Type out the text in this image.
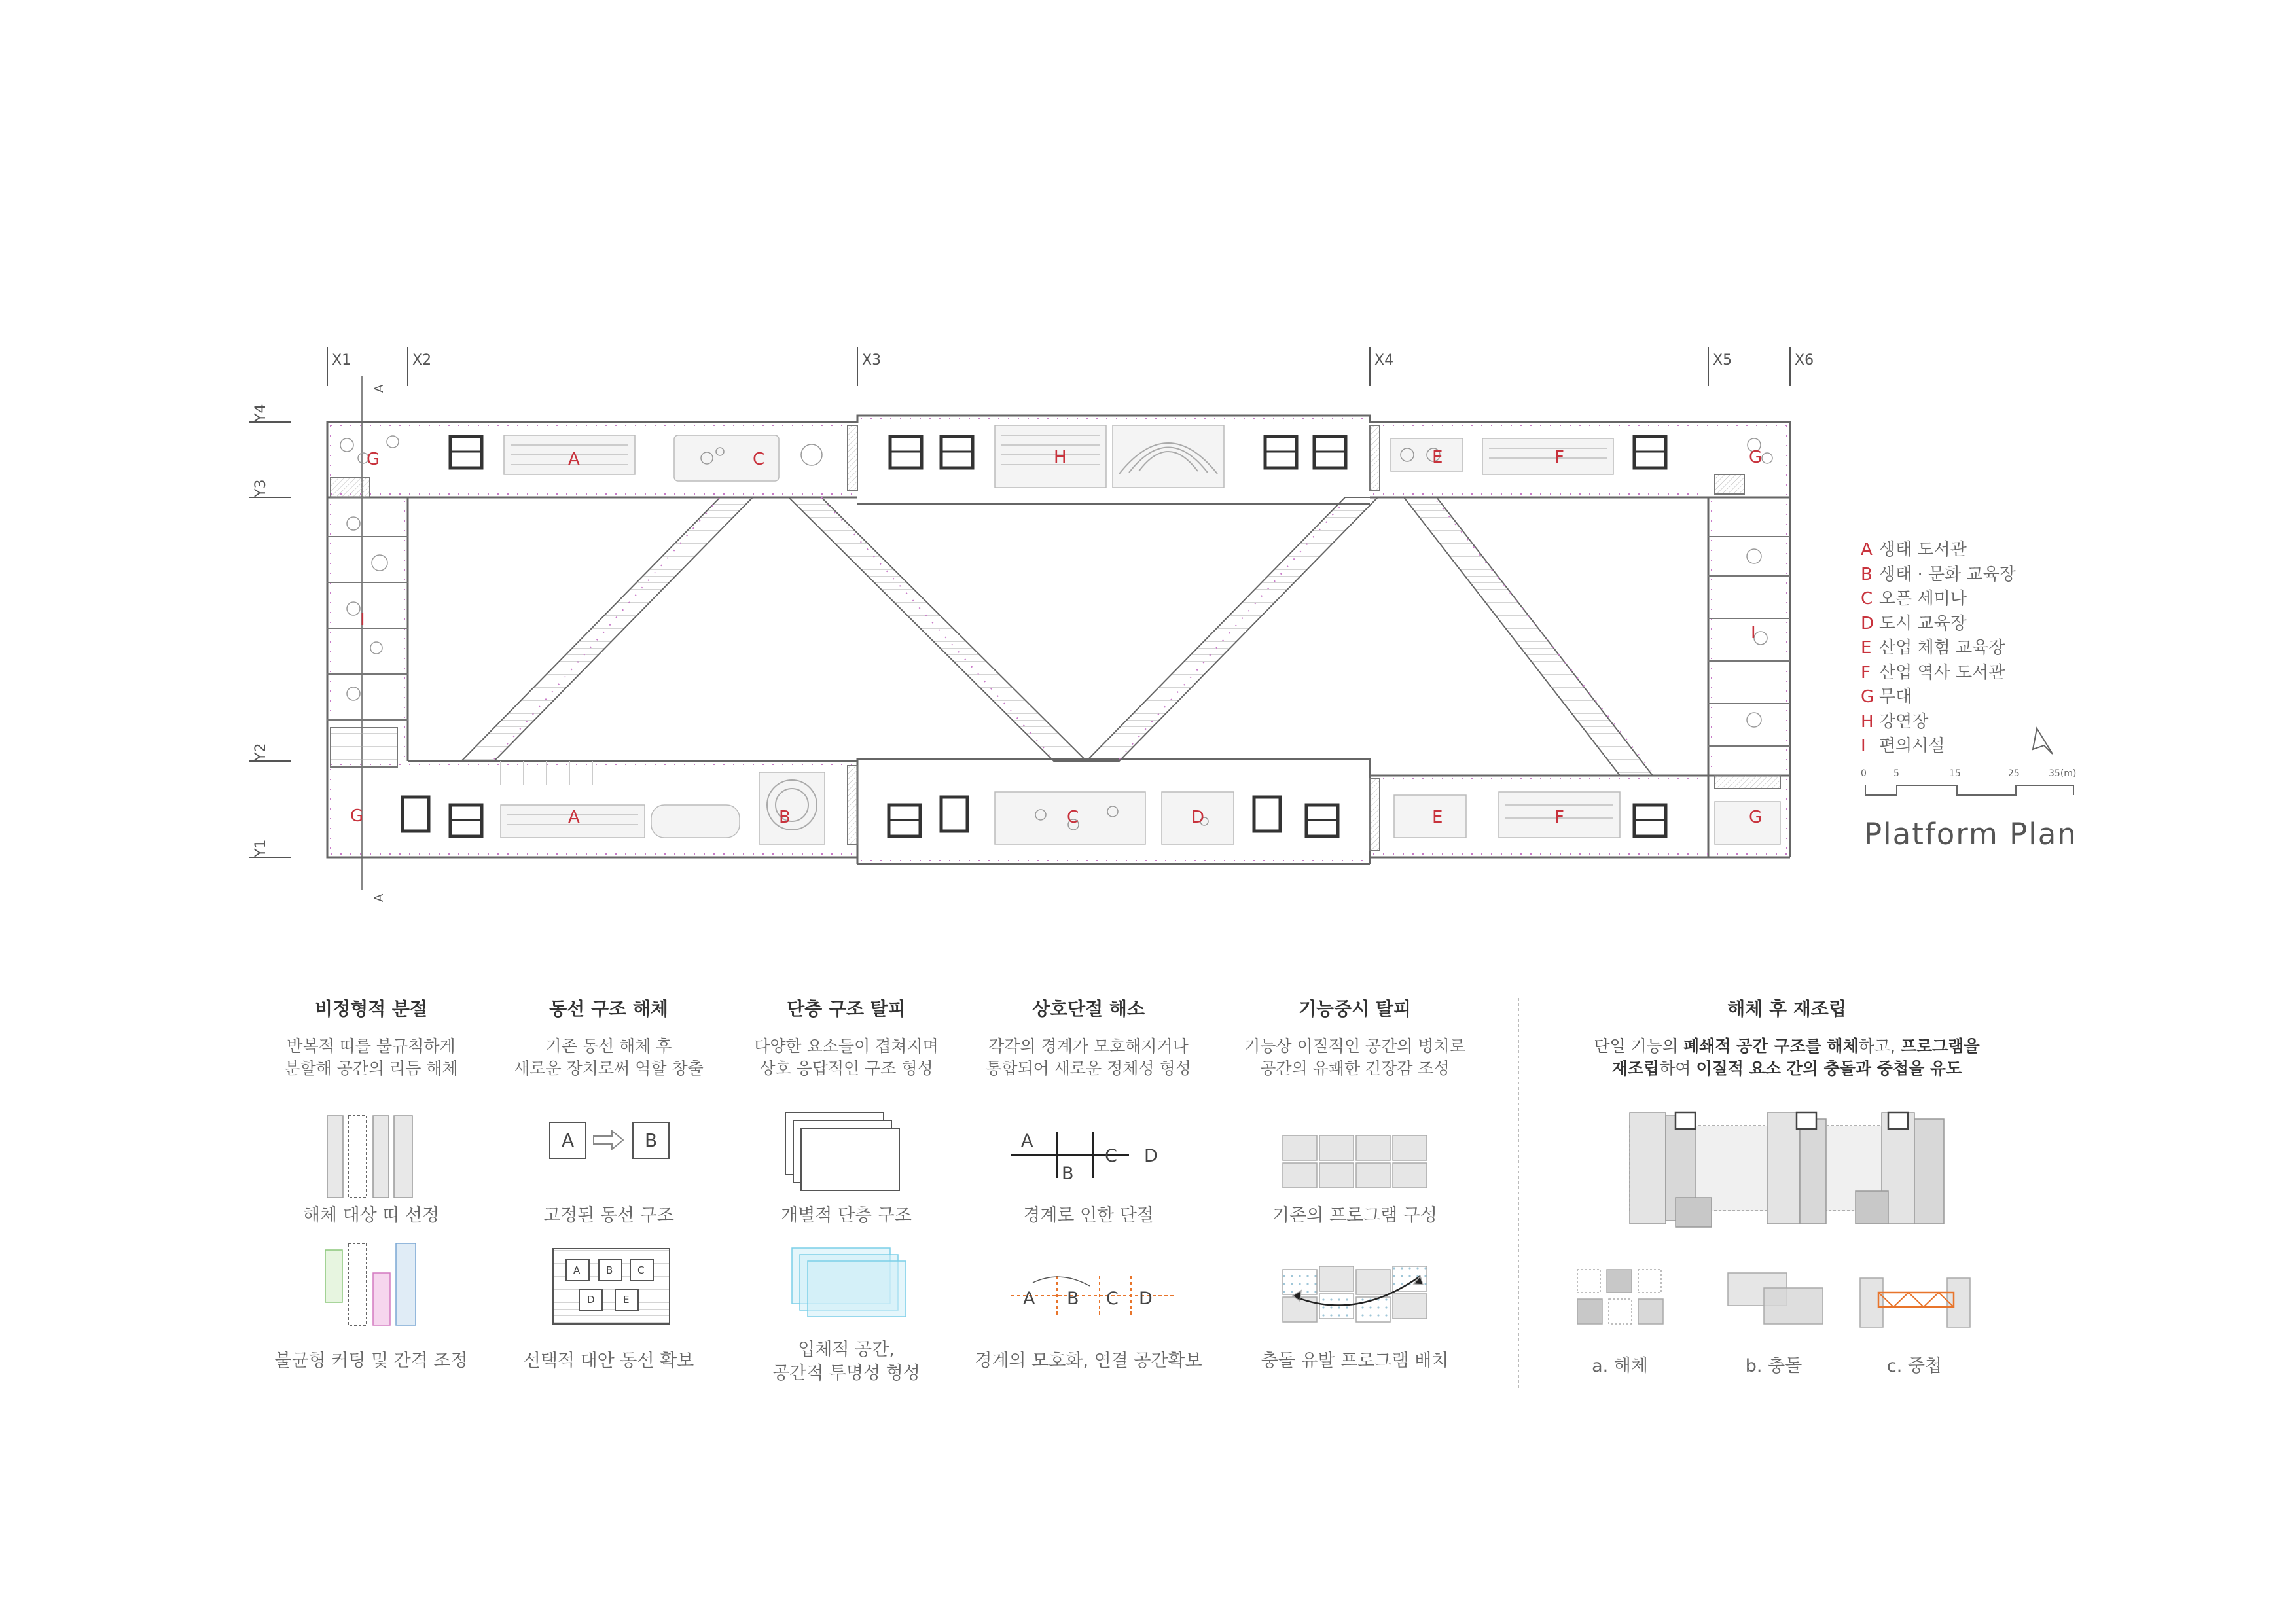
X1	X2	X3	X4	X5	X6
Y4
Y3
Y2
Y1
A
A
G	A	C	H	E	F	G
I
I
G	A	B	C	D	E	F	G
A	B
A	B	C
D	E
A
B
C D
A B C D
A 생태 도서관
B 생태 · 문화 교육장
C 오픈 세미나
D 도시 교육장
E 산업 체험 교육장
F 산업 역사 도서관
G 무대
H 강연장
I 편의시설
0	5	15	25	35(m)
Platform Plan
비정형적 분절
반복적 띠를 불규칙하게
분할해 공간의 리듬 해체
동선 구조 해체
기존 동선 해체 후
새로운 장치로써 역할 창출
단층 구조 탈피
다양한 요소들이 겹쳐지며
상호 응답적인 구조 형성
상호단절 해소
각각의 경계가 모호해지거나
통합되어 새로운 정체성 형성
기능중시 탈피
기능상 이질적인 공간의 병치로
공간의 유쾌한 긴장감 조성
해체 대상 띠 선정	고정된 동선 구조	개별적 단층 구조	경계로 인한 단절	기존의 프로그램 구성
불균형 커팅 및 간격 조정	선택적 대안 동선 확보
입체적 공간,
공간적 투명성 형성
경계의 모호화, 연결 공간확보	충돌 유발 프로그램 배치
해체 후 재조립
단일 기능의 폐쇄적 공간 구조를 해체하고, 프로그램을
재조립하여 이질적 요소 간의 충돌과 중첩을 유도
a. 해체	b. 충돌	c. 중첩
